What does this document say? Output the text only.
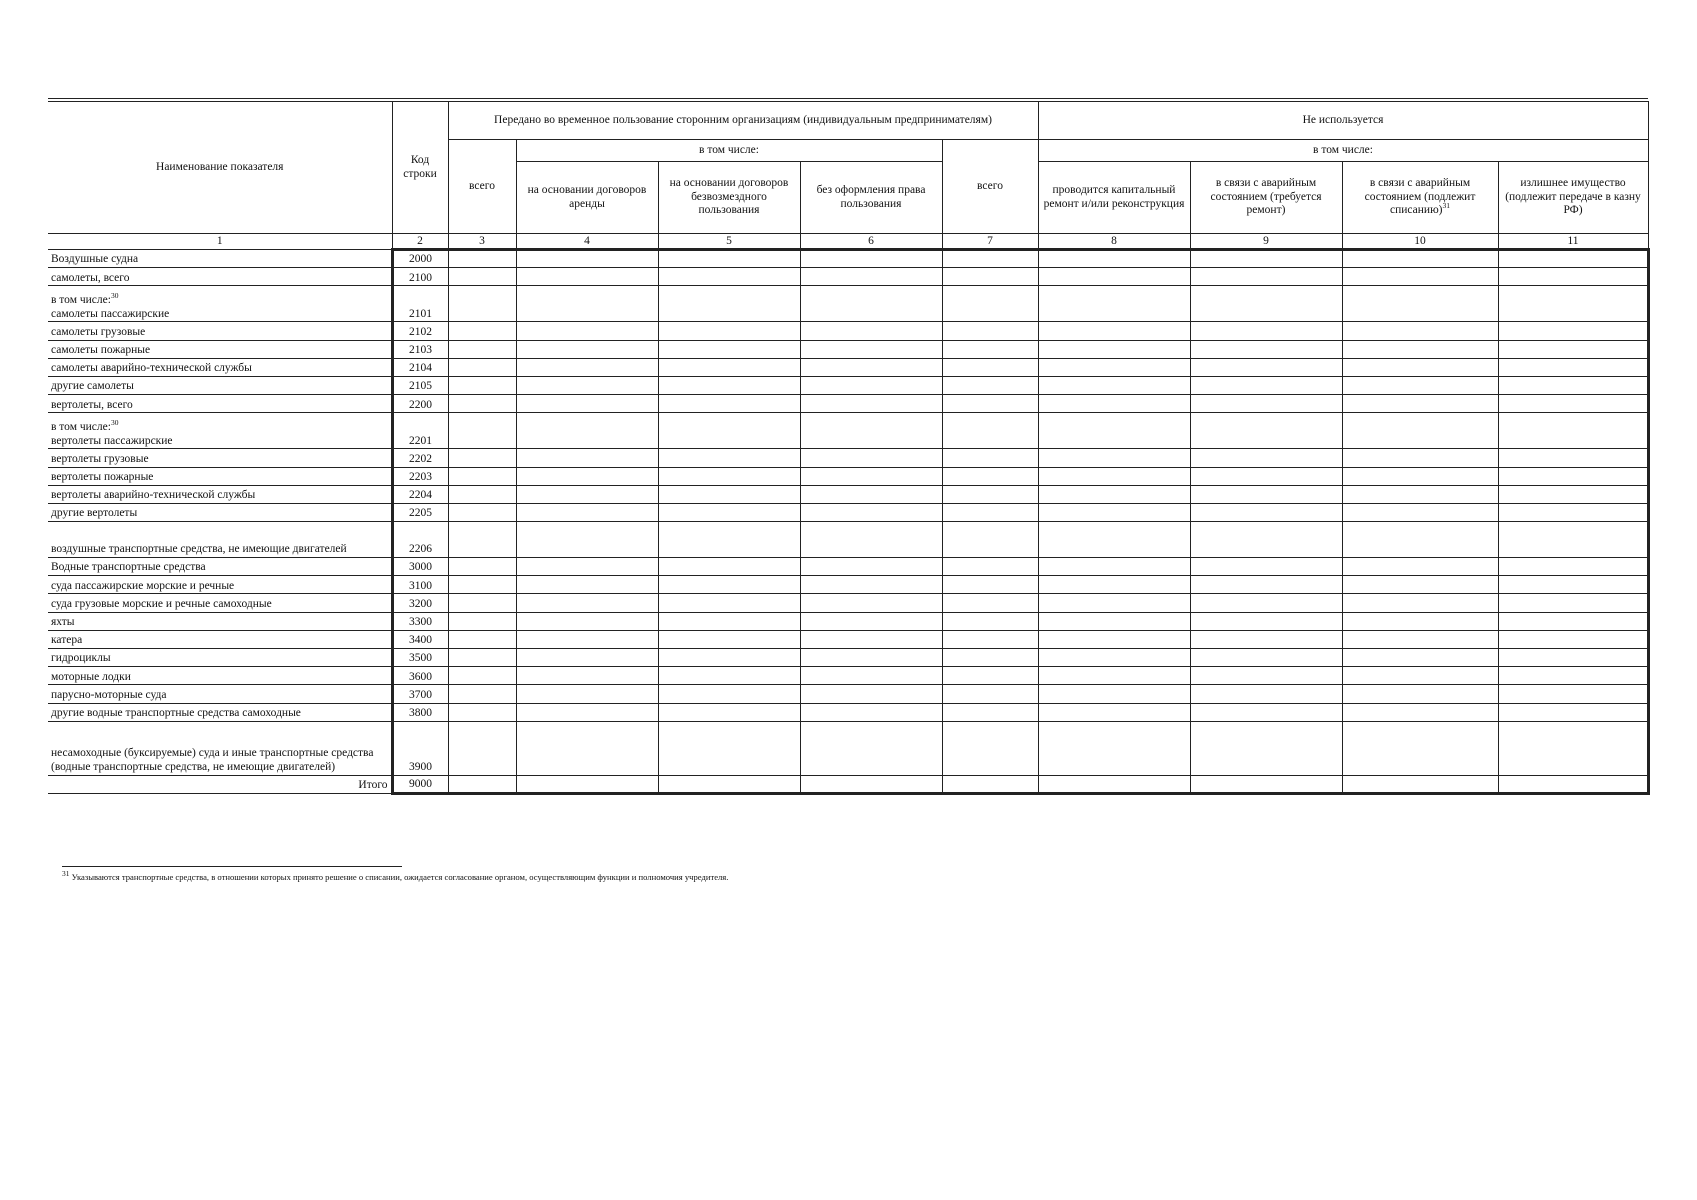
Наименование показателя	Код строки	Передано во временное пользование сторонним организациям (индивидуальным предпринимателям)					Не используется			
		всего	в том числе:			всего	в том числе:			
			на основании договоров аренды	на основании договоров безвозмездного пользования	без оформления права пользования		проводится капитальный ремонт и/или реконструкция	в связи с аварийным состоянием (требуется ремонт)	в связи с аварийным состоянием (подлежит списанию)$^{31}$	излишнее имущество (подлежит передаче в казну РФ)
1	2	3	4	5	6	7	8	9	10	11
Воздушные судна	2000									
самолеты, всего	2100									

в том числе:$^{30}$
самолеты пассажирские	2101									
самолеты грузовые	2102									
самолеты пожарные	2103									
самолеты аварийно-технической службы	2104									
другие самолеты	2105									
вертолеты, всего	2200									

в том числе:$^{30}$
вертолеты пассажирские	2201									
вертолеты грузовые	2202									
вертолеты пожарные	2203									
вертолеты аварийно-технической службы	2204									
другие вертолеты	2205									
воздушные транспортные средства, не имеющие двигателей	2206									
Водные транспортные средства	3000									
суда пассажирские морские и речные	3100									
суда грузовые морские и речные самоходные	3200									
яхты	3300									
катера	3400									
гидроциклы	3500									
моторные лодки	3600									
парусно-моторные суда	3700									
другие водные транспортные средства самоходные	3800									
несамоходные (буксируемые) суда и иные транспортные средства (водные транспортные средства, не имеющие двигателей)	3900									
Итого	9000									
$^{31}$ Указываются транспортные средства, в отношении которых принято решение о списании, ожидается согласование органом, осуществляющим функции и полномочия учредителя.
